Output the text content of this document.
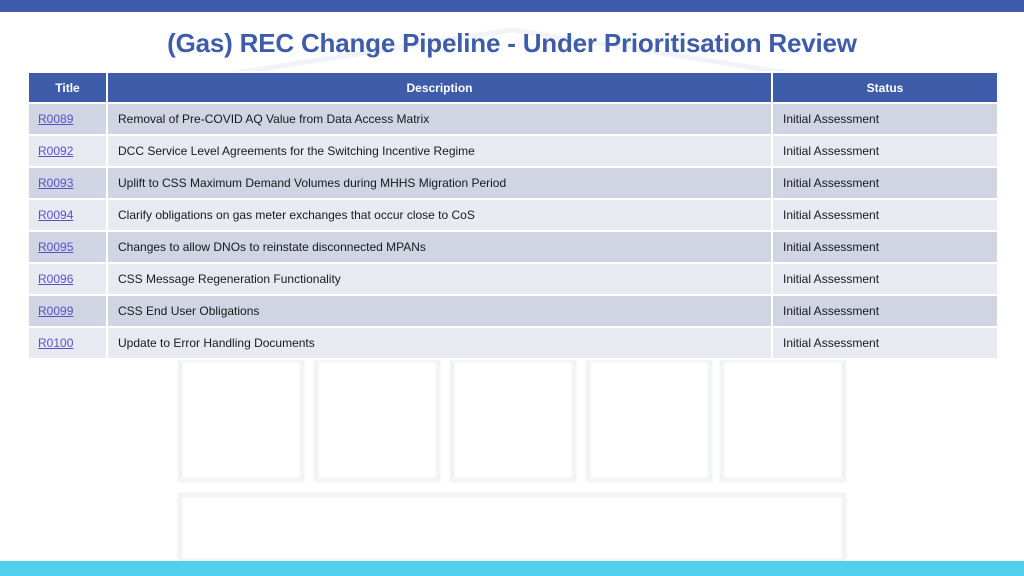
(Gas) REC Change Pipeline - Under Prioritisation Review
Title	Description	Status
R0089	Removal of Pre-COVID AQ Value from Data Access Matrix	Initial Assessment
R0092	DCC Service Level Agreements for the Switching Incentive Regime	Initial Assessment
R0093	Uplift to CSS Maximum Demand Volumes during MHHS Migration Period	Initial Assessment
R0094	Clarify obligations on gas meter exchanges that occur close to CoS	Initial Assessment
R0095	Changes to allow DNOs to reinstate disconnected MPANs	Initial Assessment
R0096	CSS Message Regeneration Functionality	Initial Assessment
R0099	CSS End User Obligations	Initial Assessment
R0100	Update to Error Handling Documents	Initial Assessment
